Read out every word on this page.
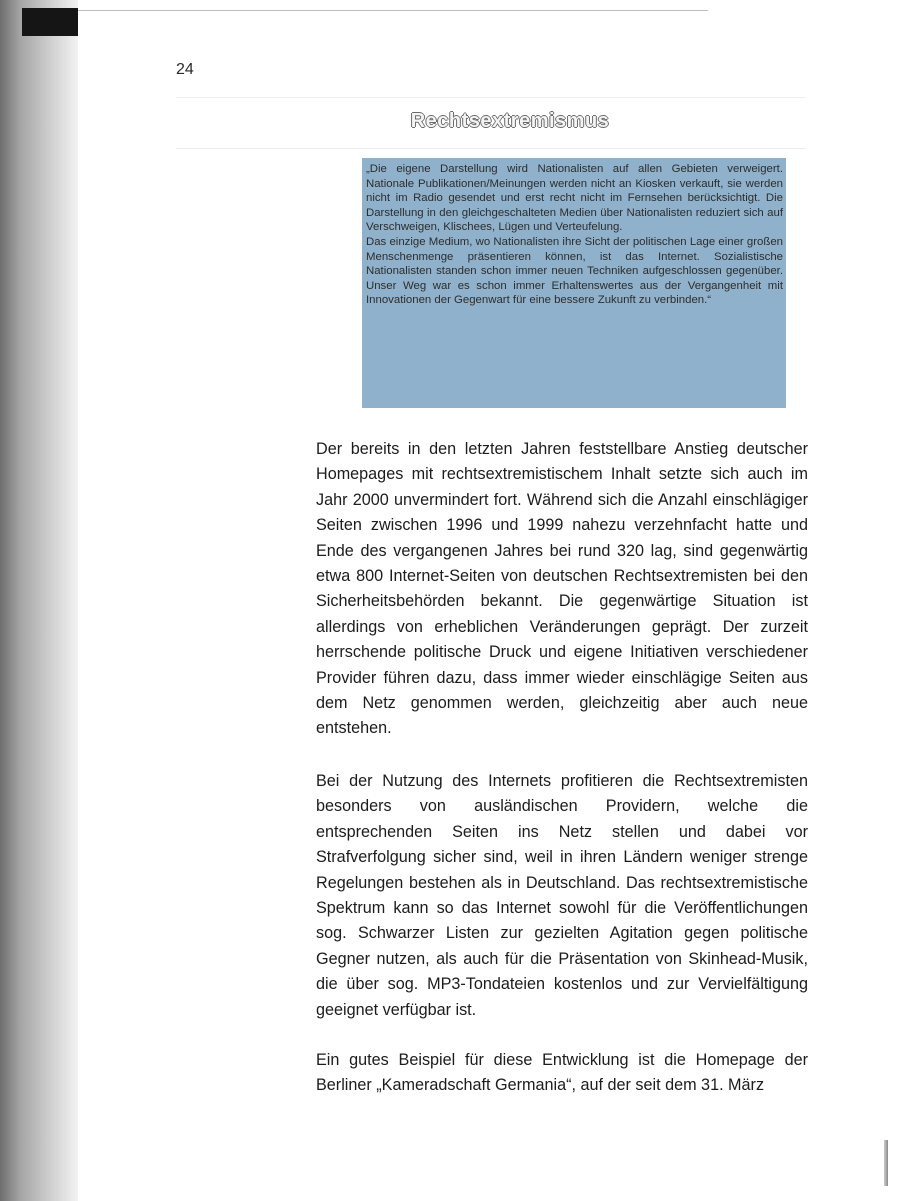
24
Rechtsextremismus

„Die eigene Darstellung wird Nationalisten auf allen Gebieten verweigert. Nationale Publikationen/Meinungen werden nicht an Kiosken verkauft, sie werden nicht im Radio gesendet und erst recht nicht im Fernsehen berücksichtigt. Die Darstellung in den gleichgeschalteten Medien über Nationalisten reduziert sich auf Verschweigen, Klischees, Lügen und Verteufelung.

Das einzige Medium, wo Nationalisten ihre Sicht der politischen Lage einer großen Menschenmenge präsentieren können, ist das Internet. Sozialistische Nationalisten standen schon immer neuen Techniken aufgeschlossen gegenüber. Unser Weg war es schon immer Erhaltenswertes aus der Vergangenheit mit Innovationen der Gegenwart für eine bessere Zukunft zu verbinden.“

Der bereits in den letzten Jahren feststellbare Anstieg deutscher Homepages mit rechtsextremistischem Inhalt setzte sich auch im Jahr 2000 unvermindert fort. Während sich die Anzahl einschlägiger Seiten zwischen 1996 und 1999 nahezu verzehnfacht hatte und Ende des vergangenen Jahres bei rund 320 lag, sind gegenwärtig etwa 800 Internet-Seiten von deutschen Rechtsextremisten bei den Sicherheitsbehörden bekannt. Die gegenwärtige Situation ist allerdings von erheblichen Veränderungen geprägt. Der zurzeit herrschende politische Druck und eigene Initiativen verschiedener Provider führen dazu, dass immer wieder einschlägige Seiten aus dem Netz genommen werden, gleichzeitig aber auch neue entstehen.

Bei der Nutzung des Internets profitieren die Rechtsextremisten besonders von ausländischen Providern, welche die entsprechenden Seiten ins Netz stellen und dabei vor Strafverfolgung sicher sind, weil in ihren Ländern weniger strenge Regelungen bestehen als in Deutschland. Das rechtsextremistische Spektrum kann so das Internet sowohl für die Veröffentlichungen sog. Schwarzer Listen zur gezielten Agitation gegen politische Gegner nutzen, als auch für die Präsentation von Skinhead-Musik, die über sog. MP3-Tondateien kostenlos und zur Vervielfältigung geeignet verfügbar ist.

Ein gutes Beispiel für diese Entwicklung ist die Homepage der Berliner „Kameradschaft Germania“, auf der seit dem 31. März
